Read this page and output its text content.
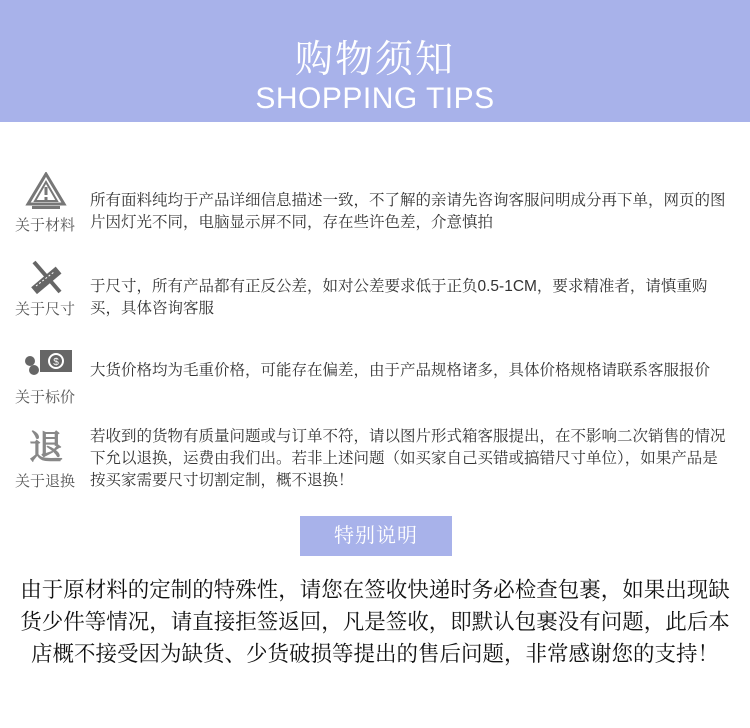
购物须知
SHOPPING TIPS
关于材料
所有面料纯均于产品详细信息描述一致，不了解的亲请先咨询客服问明成分再下单，网页的图片因灯光不同，电脑显示屏不同，存在些许色差，介意慎拍
关于尺寸
于尺寸，所有产品都有正反公差，如对公差要求低于正负0.5-1CM，要求精准者，请慎重购买，具体咨询客服
$
关于标价
大货价格均为毛重价格，可能存在偏差，由于产品规格诸多，具体价格规格请联系客服报价
退
关于退换
若收到的货物有质量问题或与订单不符，请以图片形式箱客服提出，在不影响二次销售的情况下允以退换，运费由我们出。若非上述问题（如买家自己买错或搞错尺寸单位），如果产品是按买家需要尺寸切割定制，概不退换！
特别说明
由于原材料的定制的特殊性，请您在签收快递时务必检查包裹，如果出现缺货少件等情况，请直接拒签返回，凡是签收，即默认包裹没有问题，此后本店概不接受因为缺货、少货破损等提出的售后问题，非常感谢您的支持！
